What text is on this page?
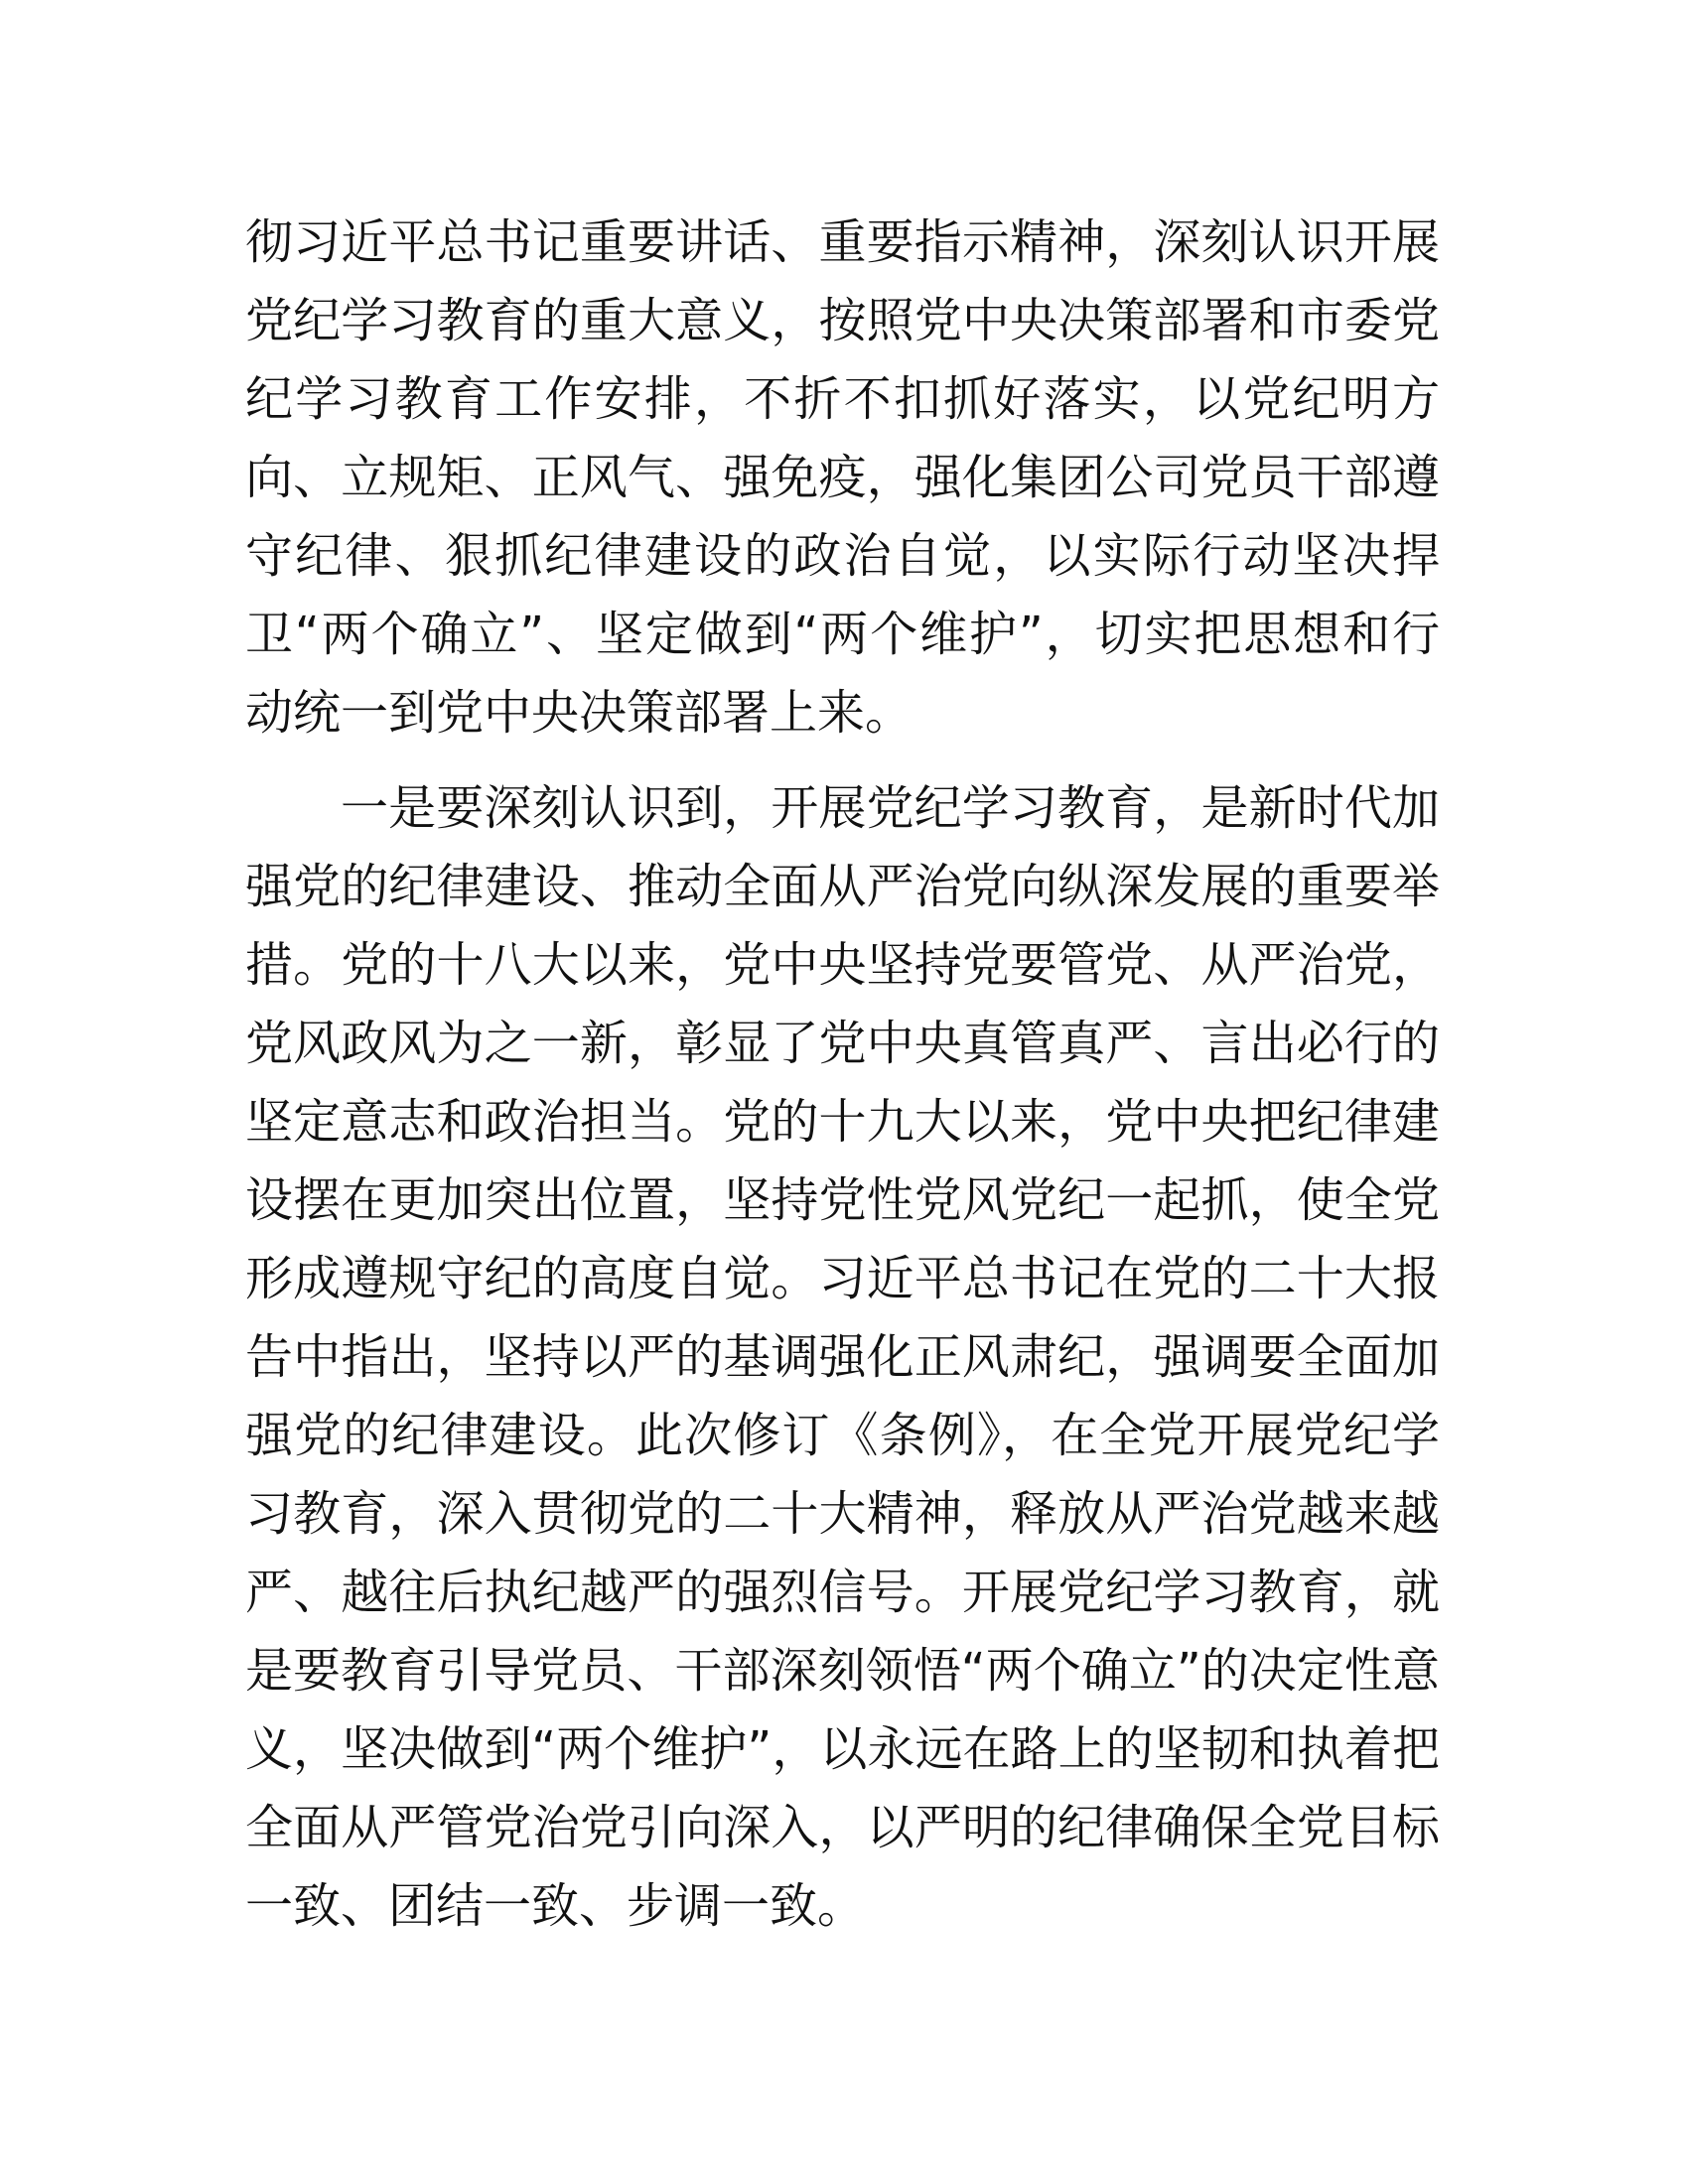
彻习近平总书记重要讲话、重要指示精神，深刻认识开展党纪学习教育的重大意义，按照党中央决策部署和市委党纪学习教育工作安排，不折不扣抓好落实，以党纪明方向、立规矩、正风气、强免疫，强化集团公司党员干部遵守纪律、狠抓纪律建设的政治自觉，以实际行动坚决捍卫“两个确立”、坚定做到“两个维护”，切实把思想和行动统一到党中央决策部署上来。

一是要深刻认识到，开展党纪学习教育，是新时代加强党的纪律建设、推动全面从严治党向纵深发展的重要举措。党的十八大以来，党中央坚持党要管党、从严治党，党风政风为之一新，彰显了党中央真管真严、言出必行的坚定意志和政治担当。党的十九大以来，党中央把纪律建设摆在更加突出位置，坚持党性党风党纪一起抓，使全党形成遵规守纪的高度自觉。习近平总书记在党的二十大报告中指出，坚持以严的基调强化正风肃纪，强调要全面加强党的纪律建设。此次修订《条例》，在全党开展党纪学习教育，深入贯彻党的二十大精神，释放从严治党越来越严、越往后执纪越严的强烈信号。开展党纪学习教育，就是要教育引导党员、干部深刻领悟“两个确立”的决定性意义，坚决做到“两个维护”，以永远在路上的坚韧和执着把全面从严管党治党引向深入，以严明的纪律确保全党目标一致、团结一致、步调一致。
